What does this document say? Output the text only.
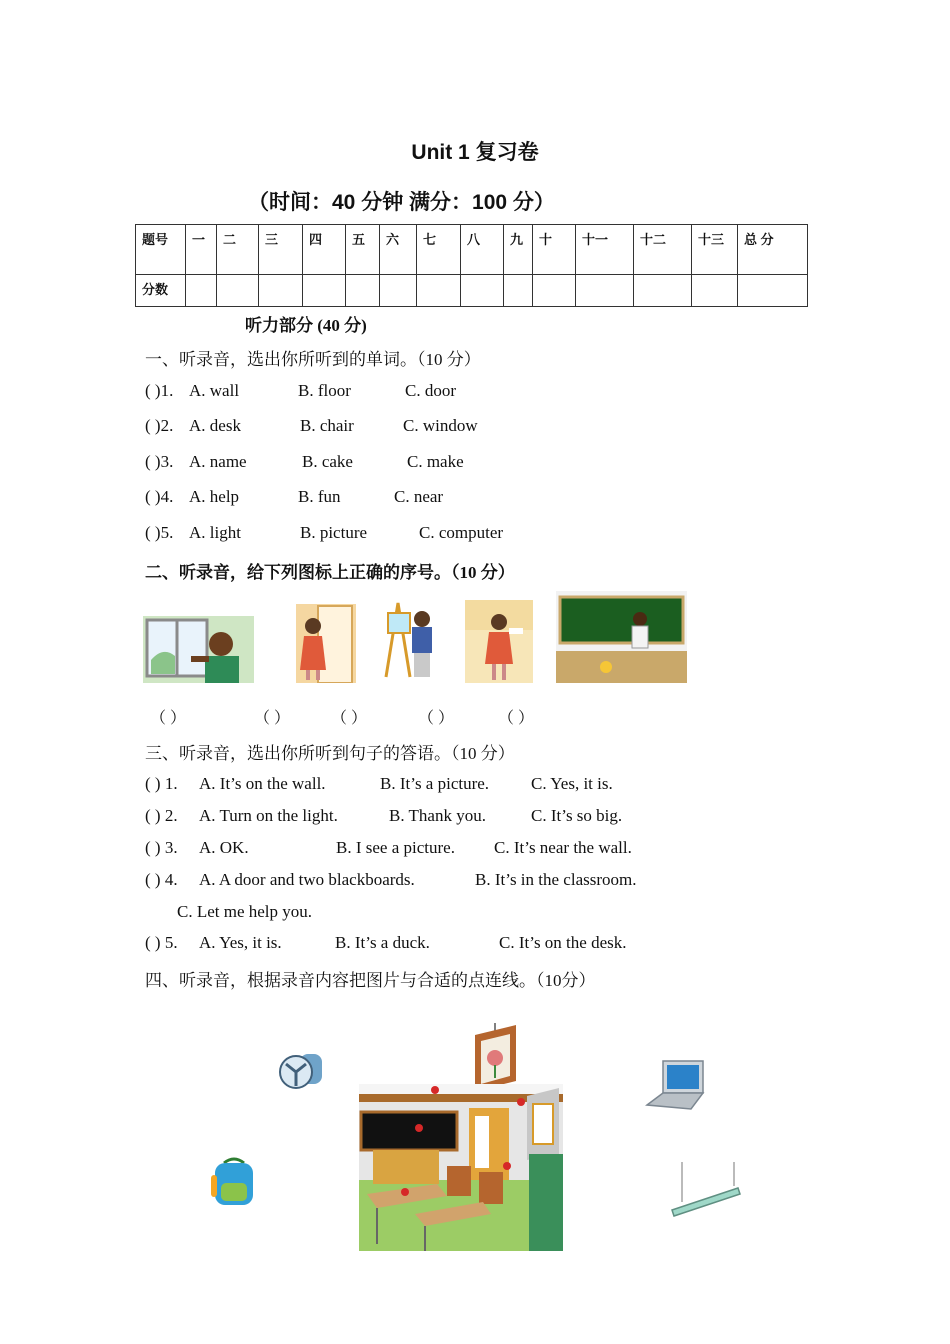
Unit 1 复习卷
（时间：40 分钟 满分：100 分）
题号	一	二	三	四	五	六	七	八	九	十	十一	十二	十三	总 分
分数														
听力部分 (40 分)
一、听录音，选出你所听到的单词。（10 分）
( )1. A. wall	B. floor	C. door
( )2. A. desk	B. chair	C. window
( )3. A. name	B. cake	C. make
( )4. A. help	B. fun	C. near
( )5. A. light	B. picture	C. computer
二、听录音，给下列图标上正确的序号。（10 分）
（ ）	（ ）	（ ）	（ ）	（ ）
三、听录音，选出你所听到句子的答语。（10 分）
( ) 1. A. It’s on the wall.	B. It’s a picture. C. Yes, it is.
( ) 2. A. Turn on the light.	B. Thank you.	C. It’s so big.
( ) 3. A. OK.	B. I see a picture. C. It’s near the wall.
( ) 4. A. A door and two blackboards.	B. It’s in the classroom.
C. Let me help you.
( ) 5. A. Yes, it is.	B. It’s a duck.	C. It’s on the desk.
四、听录音，根据录音内容把图片与合适的点连线。（10分）
